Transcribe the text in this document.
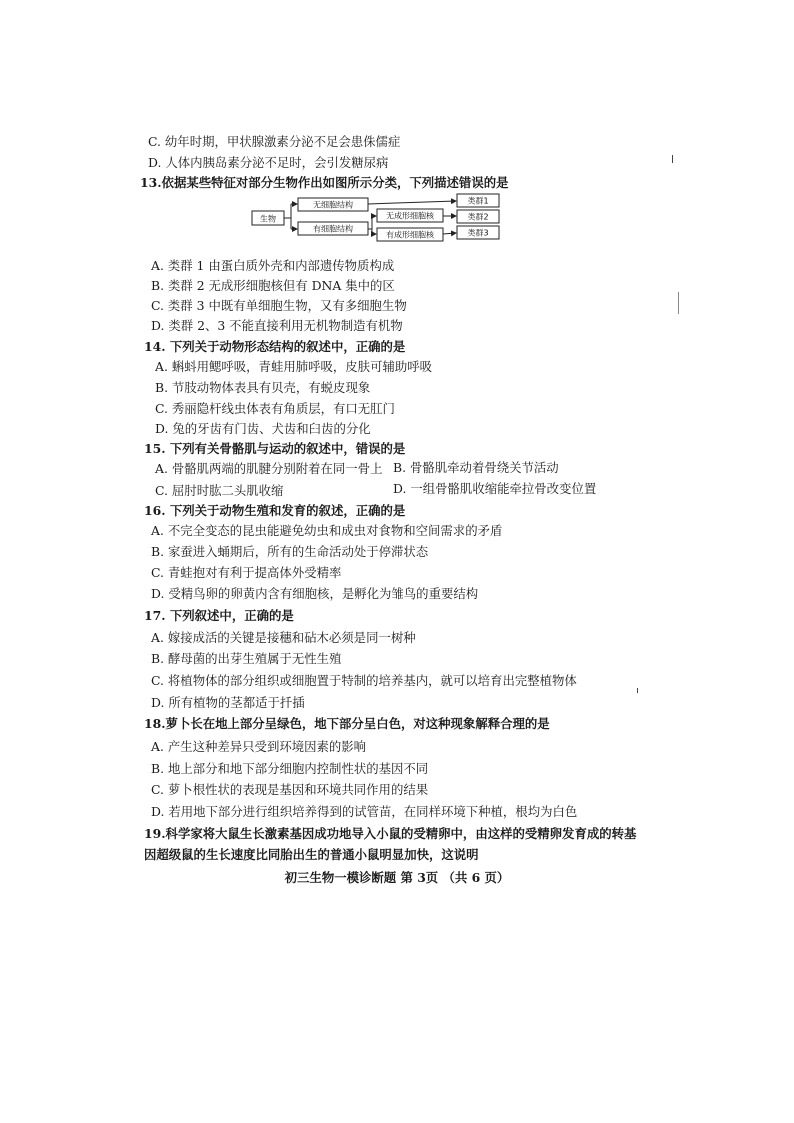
C. 幼年时期，甲状腺激素分泌不足会患侏儒症
D. 人体内胰岛素分泌不足时，会引发糖尿病
13.依据某些特征对部分生物作出如图所示分类，下列描述错误的是
生物
无细胞结构
有细胞结构
无成形细胞核
有成形细胞核
类群1
类群2
类群3
A. 类群 1 由蛋白质外壳和内部遗传物质构成
B. 类群 2 无成形细胞核但有 DNA 集中的区
C. 类群 3 中既有单细胞生物，又有多细胞生物
D. 类群 2、3 不能直接利用无机物制造有机物
14. 下列关于动物形态结构的叙述中，正确的是
A. 蝌蚪用鳃呼吸，青蛙用肺呼吸，皮肤可辅助呼吸
B. 节肢动物体表具有贝壳，有蜕皮现象
C. 秀丽隐杆线虫体表有角质层，有口无肛门
D. 兔的牙齿有门齿、犬齿和臼齿的分化
15. 下列有关骨骼肌与运动的叙述中，错误的是
A. 骨骼肌两端的肌腱分别附着在同一骨上 B. 骨骼肌牵动着骨绕关节活动
C. 屈肘时肱二头肌收缩	D. 一组骨骼肌收缩能牵拉骨改变位置
16. 下列关于动物生殖和发育的叙述，正确的是
A. 不完全变态的昆虫能避免幼虫和成虫对食物和空间需求的矛盾
B. 家蚕进入蛹期后，所有的生命活动处于停滞状态
C. 青蛙抱对有利于提高体外受精率
D. 受精鸟卵的卵黄内含有细胞核，是孵化为雏鸟的重要结构
17. 下列叙述中，正确的是
A. 嫁接成活的关键是接穗和砧木必须是同一树种
B. 酵母菌的出芽生殖属于无性生殖
C. 将植物体的部分组织或细胞置于特制的培养基内，就可以培育出完整植物体
D. 所有植物的茎都适于扦插
18.萝卜长在地上部分呈绿色，地下部分呈白色，对这种现象解释合理的是
A. 产生这种差异只受到环境因素的影响
B. 地上部分和地下部分细胞内控制性状的基因不同
C. 萝卜根性状的表现是基因和环境共同作用的结果
D. 若用地下部分进行组织培养得到的试管苗，在同样环境下种植，根均为白色
19.科学家将大鼠生长激素基因成功地导入小鼠的受精卵中，由这样的受精卵发育成的转基
因超级鼠的生长速度比同胎出生的普通小鼠明显加快，这说明
初三生物一模诊断题 第 3页 （共 6 页）
